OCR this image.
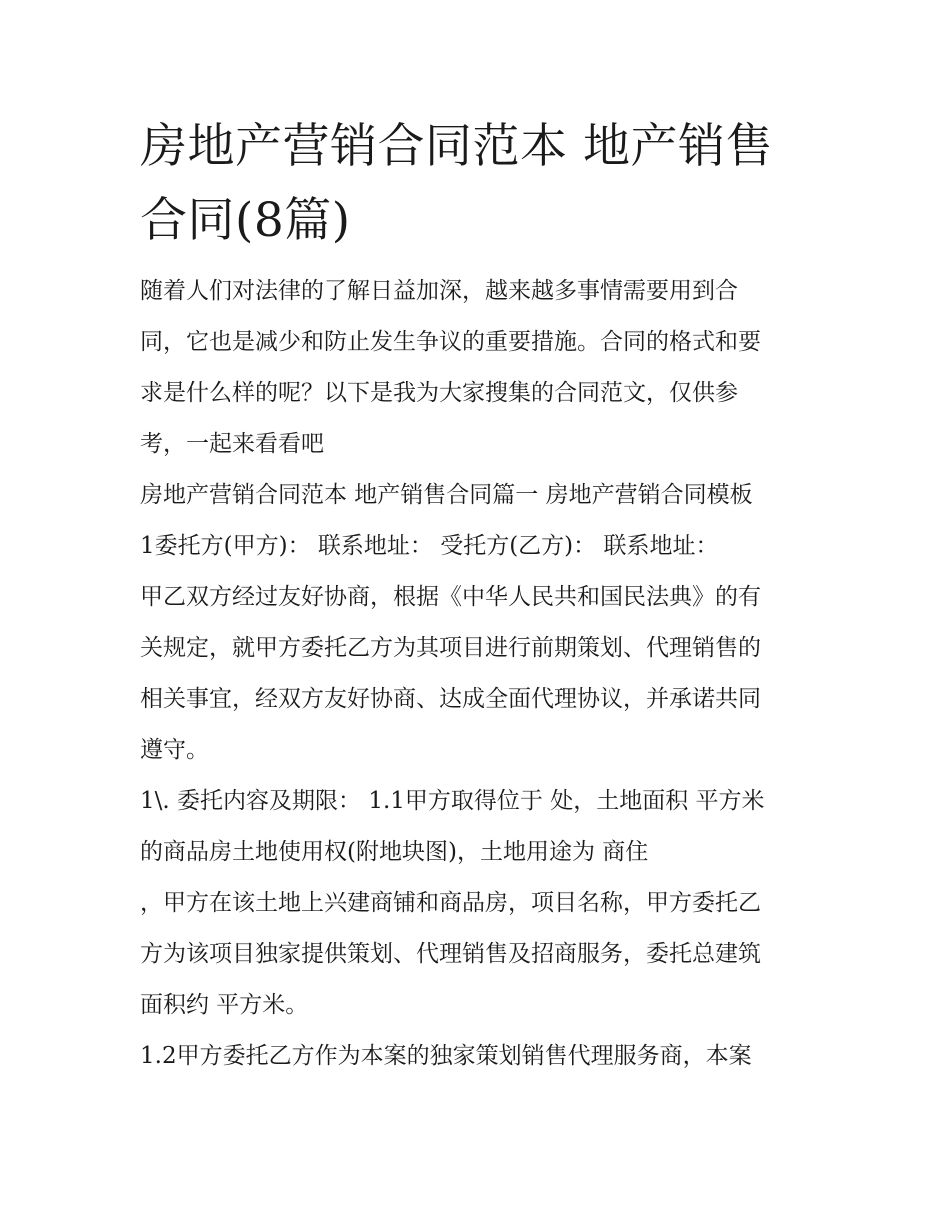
房地产营销合同范本 地产销售
合同(8篇)

随着人们对法律的了解日益加深，越来越多事情需要用到合
同，它也是减少和防止发生争议的重要措施。合同的格式和要
求是什么样的呢？以下是我为大家搜集的合同范文，仅供参
考，一起来看看吧

房地产营销合同范本 地产销售合同篇一 房地产营销合同模板

1委托方(甲方)： 联系地址： 受托方(乙方)： 联系地址：

甲乙双方经过友好协商，根据《中华人民共和国民法典》的有
关规定，就甲方委托乙方为其项目进行前期策划、代理销售的
相关事宜，经双方友好协商、达成全面代理协议，并承诺共同
遵守。

1\. 委托内容及期限： 1.1甲方取得位于 处，土地面积 平方米
的商品房土地使用权(附地块图)，土地用途为 商住
，甲方在该土地上兴建商铺和商品房，项目名称，甲方委托乙
方为该项目独家提供策划、代理销售及招商服务，委托总建筑
面积约 平方米。

1.2甲方委托乙方作为本案的独家策划销售代理服务商，本案
